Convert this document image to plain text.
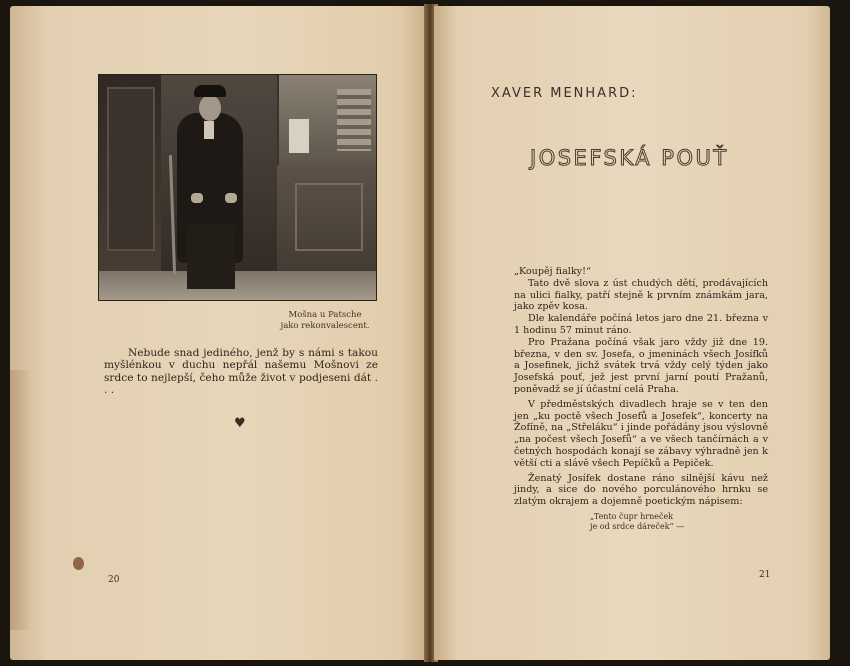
Mošna u Patsche
jako rekonvalescent.

Nebude snad jediného, jenž by s námi s takou myšlénkou v duchu nepřál našemu Mošnovi ze srdce to nejlepší, čeho může život v podjeseni dát . . .

♥
20
XAVER MENHARD:
JOSEFSKÁ POUŤ

„Koupěj fialky!“

Tato dvě slova z úst chudých dětí, prodávajících na ulici fialky, patří stejně k prvním známkám jara, jako zpěv kosa.

Dle kalendáře počíná letos jaro dne 21. března v 1 hodinu 57 minut ráno.

Pro Pražana počíná však jaro vždy již dne 19. března, v den sv. Josefa, o jmeninách všech Josífků a Josefinek, jichž svátek trvá vždy celý týden jako Josefská pouť, jež jest první jarní poutí Pražanů, poněvadž se jí účastní celá Praha.

V předměstských divadlech hraje se v ten den jen „ku poctě všech Josefů a Josefek“, koncerty na Žofíně, na „Střeláku“ i jinde pořádány jsou výslovně „na počest všech Josefů“ a ve všech tančírnách a v četných hospodách konají se zábavy výhradně jen k větší cti a slávě všech Pepíčků a Pepiček.

Ženatý Josífek dostane ráno silnější kávu než jindy, a sice do nového porculánového hrnku se zlatým okrajem a dojemně poetickým nápisem:

„Tento čupr hrneček
je od srdce dáreček“ —
21
